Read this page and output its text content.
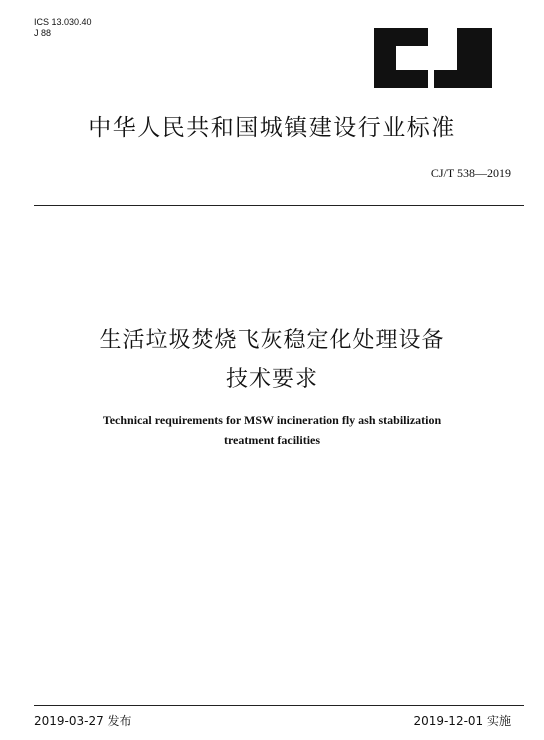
ICS 13.030.40
J 88
中华人民共和国城镇建设行业标准
CJ/T 538—2019
生活垃圾焚烧飞灰稳定化处理设备
技术要求
Technical requirements for MSW incineration fly ash stabilization
treatment facilities
2019-03-27 发布	2019-12-01 实施
